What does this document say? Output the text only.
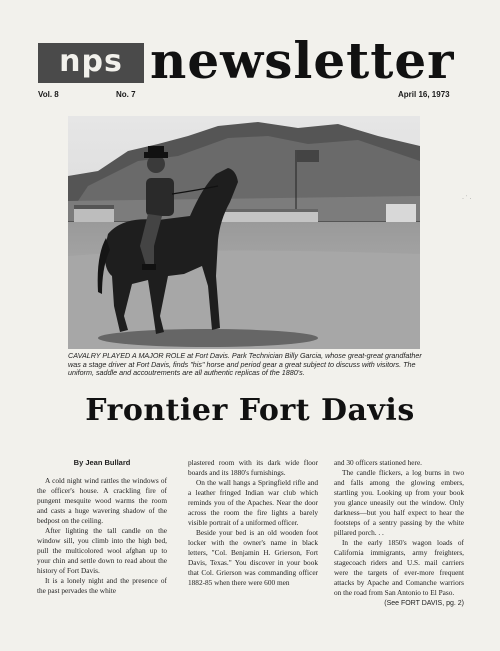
nps newsletter
Vol. 8	No. 7	April 16, 1973
CAVALRY PLAYED A MAJOR ROLE at Fort Davis. Park Technician Billy Garcia, whose great-great grandfather was a stage driver at Fort Davis, finds "his" horse and period gear a great subject to discuss with visitors. The uniform, saddle and accoutrements are all authentic replicas of the 1880's.
Frontier Fort Davis

By Jean Bullard

A cold night wind rattles the windows of the officer's house. A crackling fire of pungent mesquite wood warms the room and casts a huge wavering shadow of the bedpost on the ceiling.

After lighting the tall candle on the window sill, you climb into the high bed, pull the multicolored wool afghan up to your chin and settle down to read about the history of Fort Davis.

It is a lonely night and the presence of the past pervades the white

plastered room with its dark wide floor boards and its 1880's furnishings.

On the wall hangs a Springfield rifle and a leather fringed Indian war club which reminds you of the Apaches. Near the door across the room the fire lights a barely visible portrait of a uniformed officer.

Beside your bed is an old wooden foot locker with the owner's name in black letters, "Col. Benjamin H. Grierson, Fort Davis, Texas." You discover in your book that Col. Grierson was commanding officer 1882-85 when there were 600 men

and 30 officers stationed here.

The candle flickers, a log burns in two and falls among the glowing embers, startling you. Looking up from your book you glance uneasily out the window. Only darkness—but you half expect to hear the footsteps of a sentry passing by the white pillared porch. . .

In the early 1850's wagon loads of California immigrants, army freighters, stagecoach riders and U.S. mail carriers were the targets of ever-more frequent attacks by Apache and Comanche warriors on the road from San Antonio to El Paso.

(See FORT DAVIS, pg. 2)

· ˙ ·
